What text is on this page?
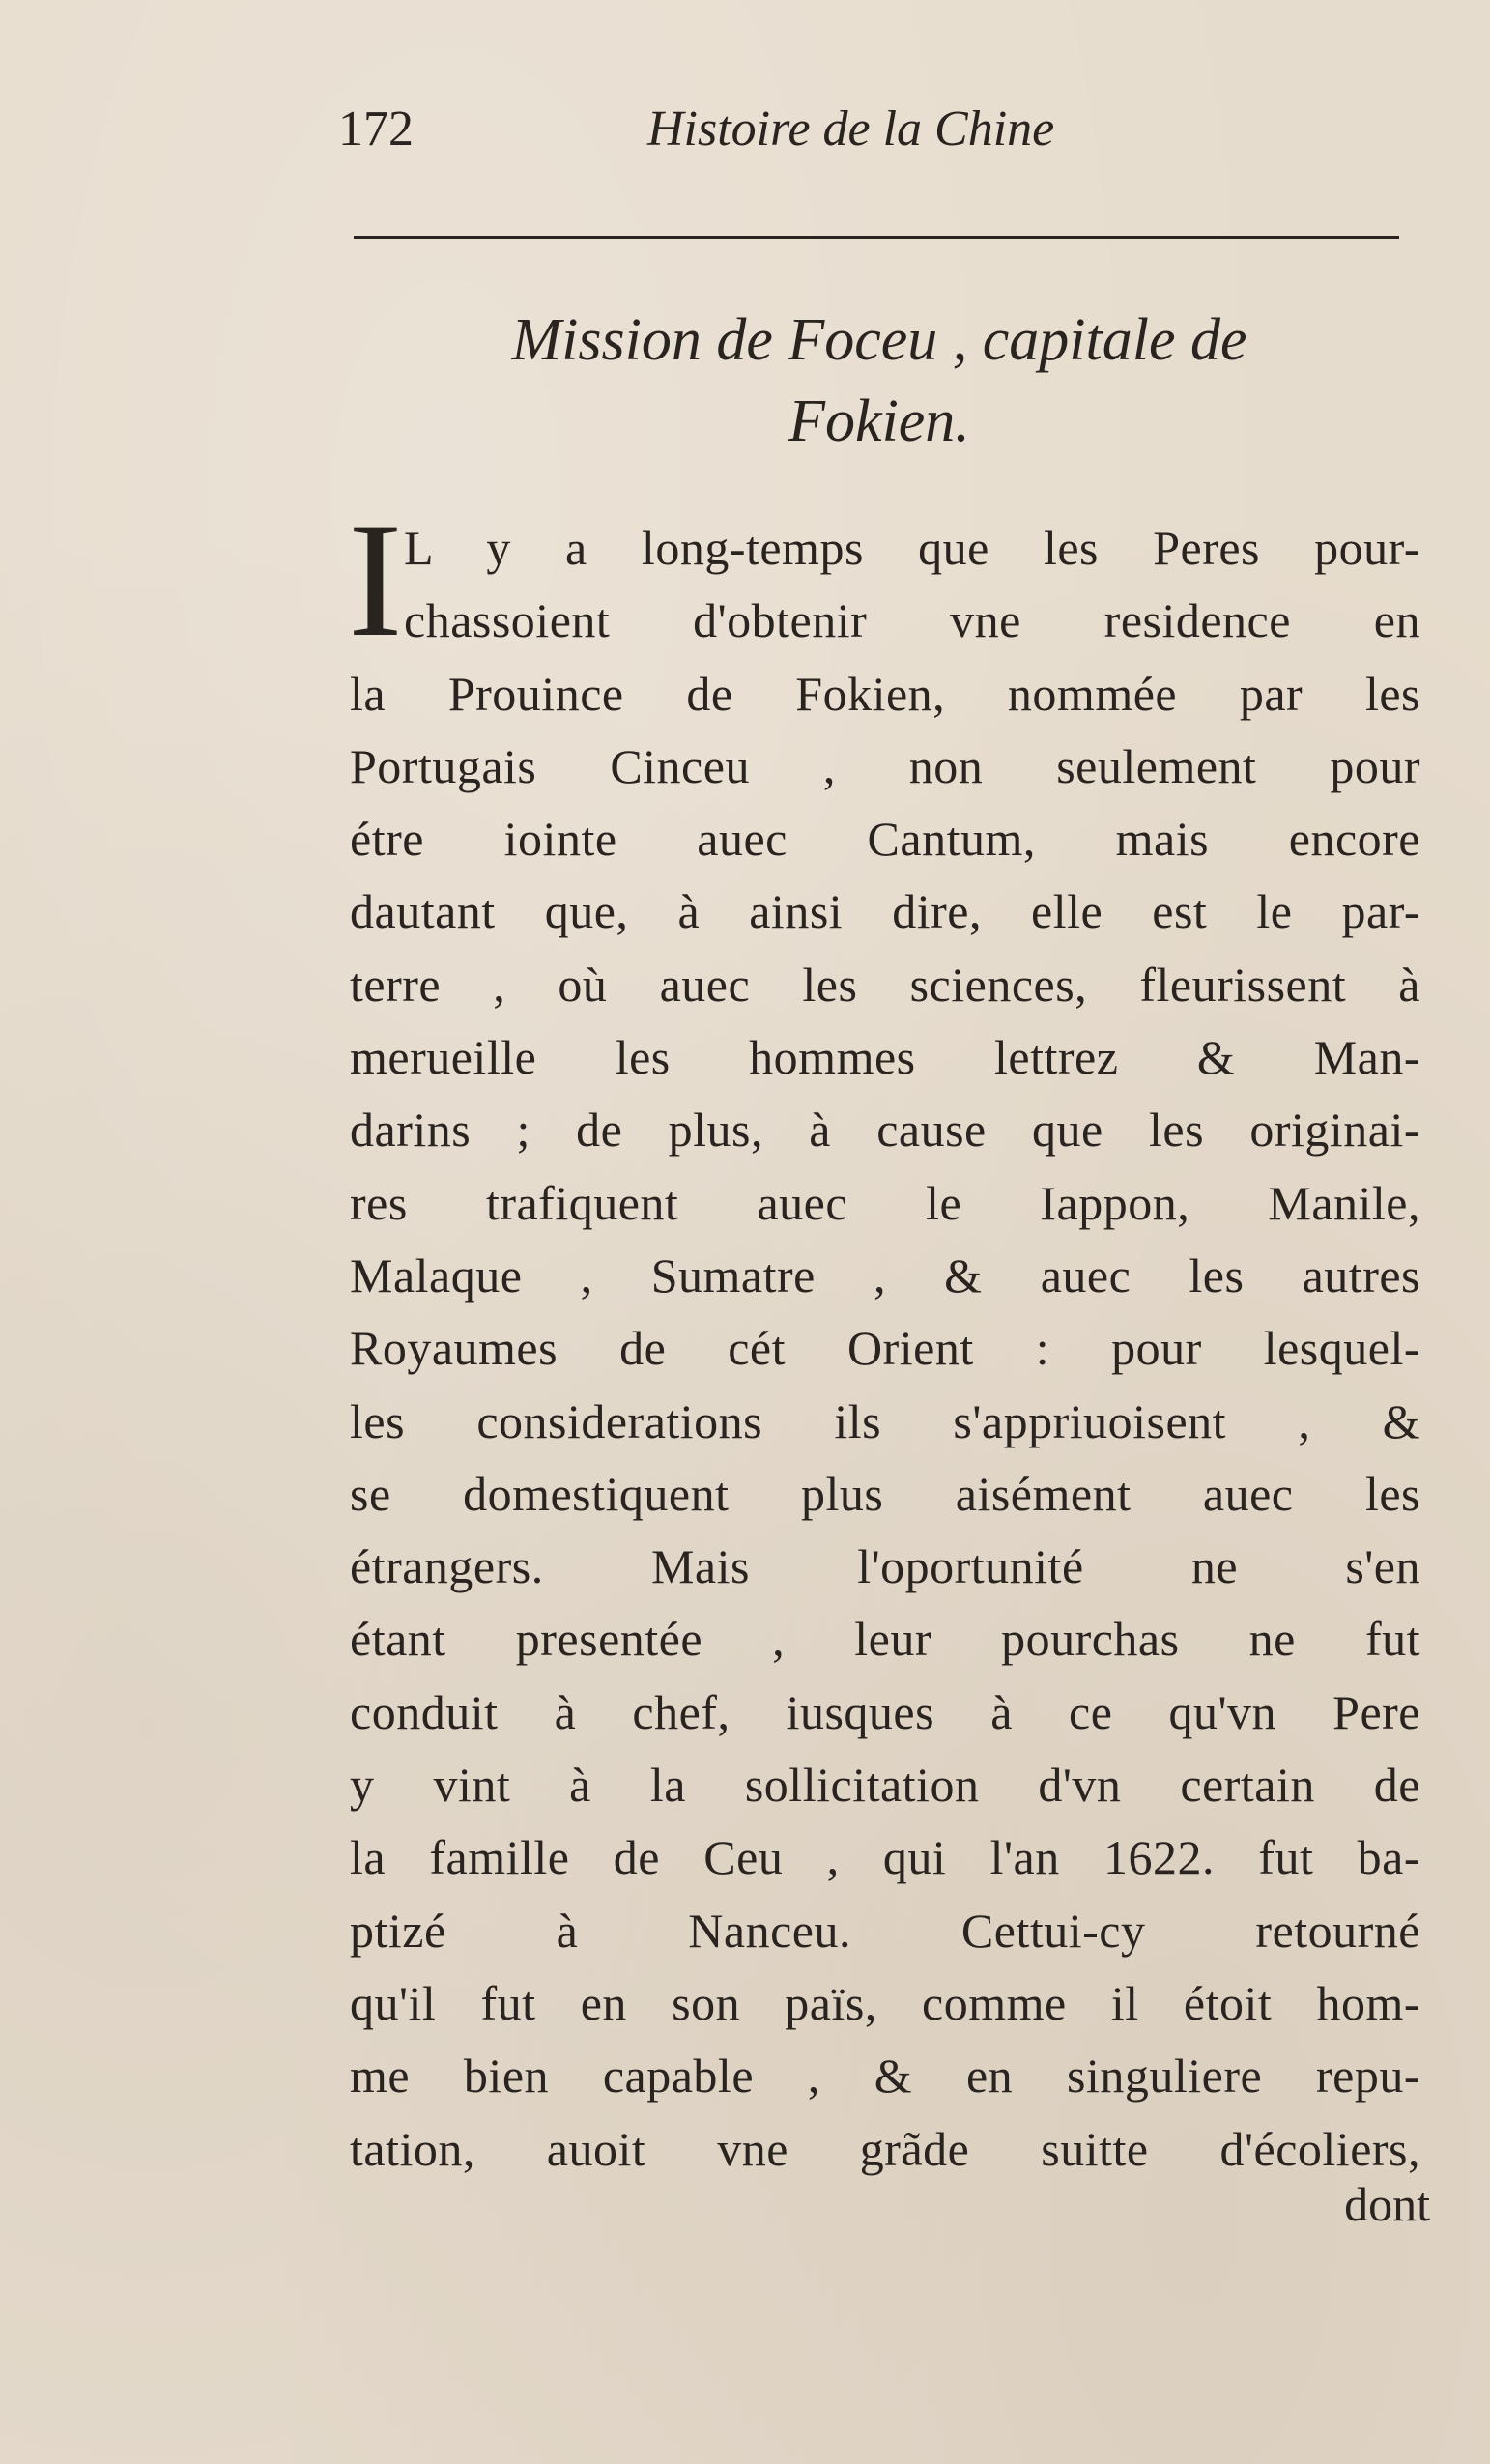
172	Histoire de la Chine
Mission de Foceu , capitale de
Fokien.
I L y a long-temps que les Peres pour-
chassoient d'obtenir vne residence en
la Prouince de Fokien, nommée par les
Portugais Cinceu , non seulement pour
étre iointe auec Cantum, mais encore
dautant que, à ainsi dire, elle est le par-
terre , où auec les sciences, fleurissent à
merueille les hommes lettrez & Man-
darins ; de plus, à cause que les originai-
res trafiquent auec le Iappon, Manile,
Malaque , Sumatre , & auec les autres
Royaumes de cét Orient : pour lesquel-
les considerations ils s'appriuoisent , &
se domestiquent plus aisément auec les
étrangers. Mais l'oportunité ne s'en
étant presentée , leur pourchas ne fut
conduit à chef, iusques à ce qu'vn Pere
y vint à la sollicitation d'vn certain de
la famille de Ceu , qui l'an 1622. fut ba-
ptizé à Nanceu. Cettui-cy retourné
qu'il fut en son païs, comme il étoit hom-
me bien capable , & en singuliere repu-
tation, auoit vne grãde suitte d'écoliers,
dont
